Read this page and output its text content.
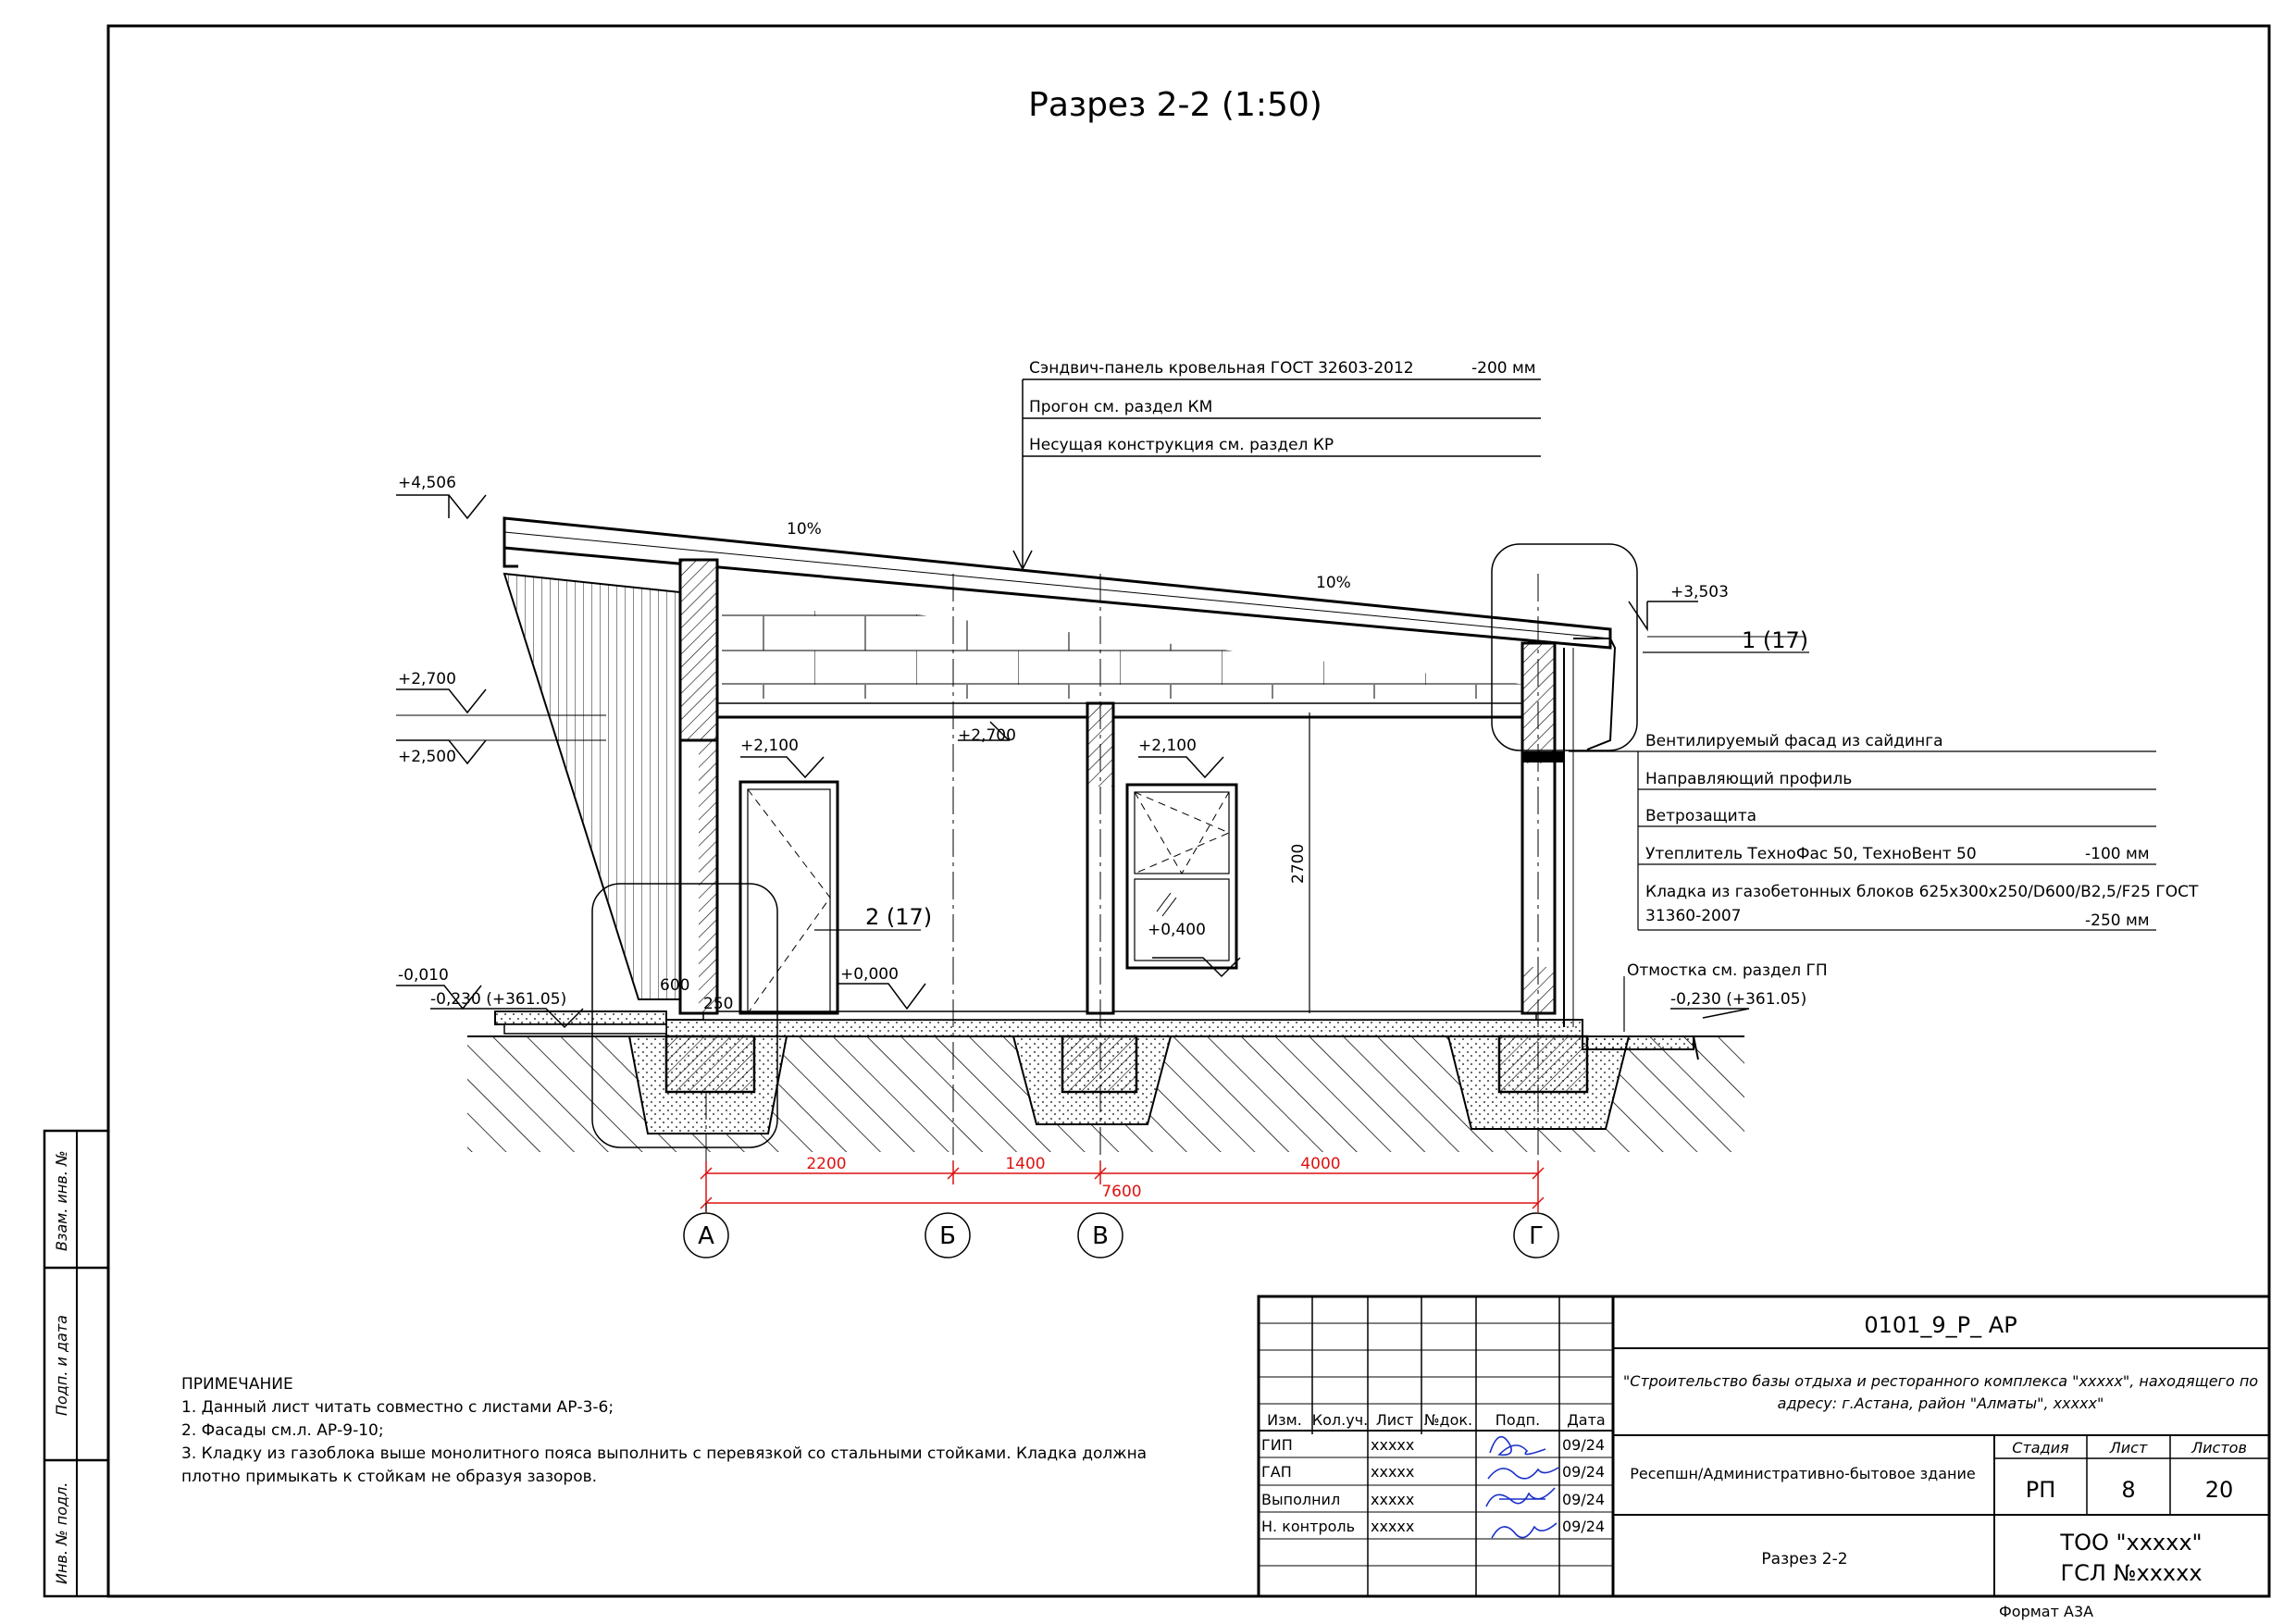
Разрез 2-2 (1:50)
Сэндвич-панель кровельная ГОСТ 32603-2012	-200 мм
Прогон см. раздел КМ
Несущая конструкция см. раздел КР
Вентилируемый фасад из сайдинга
Направляющий профиль
Ветрозащита
Утеплитель ТехноФас 50, ТехноВент 50	-100 мм
Кладка из газобетонных блоков 625x300x250/D600/B2,5/F25 ГОСТ
31360-2007	-250 мм
+4,506
+3,503
+2,700
+2,500
+2,100	+2,100
+2,700
+0,400
+0,000
-0,010
-0,230 (+361.05)	-0,230 (+361.05)
10%
10%
600
250
2700
1 (17)
2 (17)
Отмостка см. раздел ГП
2200	1400	4000
7600
А	Б	В	Г
ПРИМЕЧАНИЕ
1. Данный лист читать совместно с листами АР-3-6;
2. Фасады см.л. АР-9-10;
3. Кладку из газоблока выше монолитного пояса выполнить с перевязкой со стальными стойками. Кладка должна
плотно примыкать к стойкам не образуя зазоров.
Взам. инв. №
Подп. и дата
Инв. № подл.
Изм. Кол.уч. Лист №док. Подп. Дата
ГИП	xxxxx	09/24
ГАП	xxxxx	09/24
Выполнил xxxxx	09/24
Н. контроль xxxxx	09/24
0101_9_Р_ АР
"Строительство базы отдыха и ресторанного комплекса "xxxxx", находящего по
адресу: г.Астана, район "Алматы", xxxxx"
Ресепшн/Административно-бытовое здание
Стадия	Лист	Листов
РП	8	20
Разрез 2-2
ТОО "xxxxx"
ГСЛ №xxxxx
Формат А3А
